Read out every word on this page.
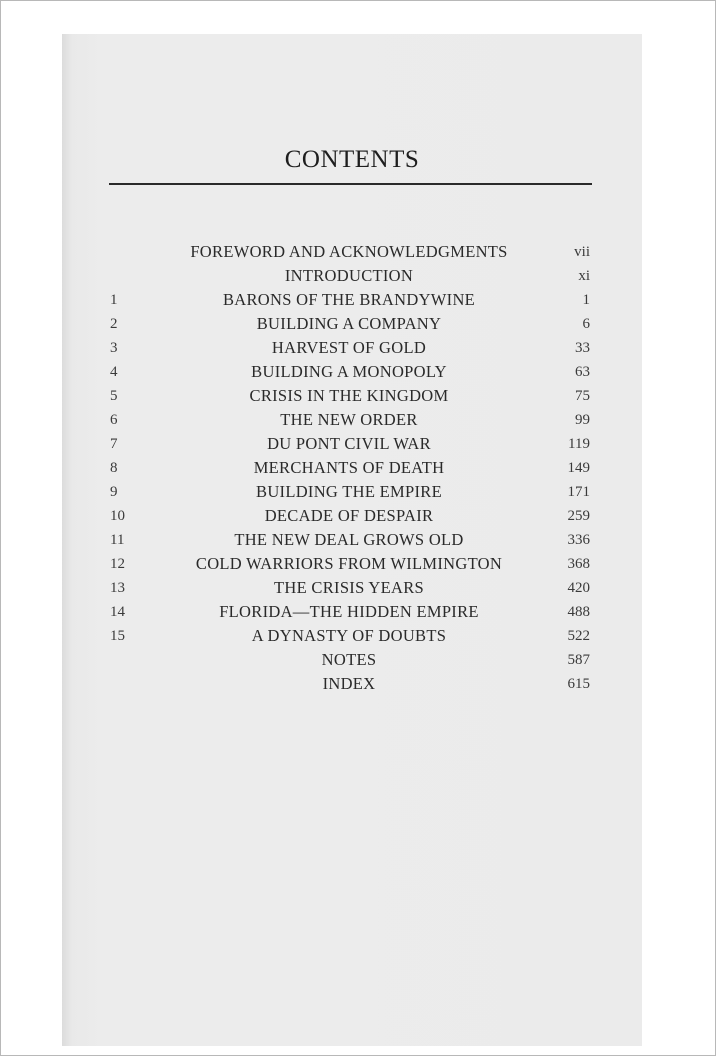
CONTENTS
FOREWORD AND ACKNOWLEDGMENTS	vii
INTRODUCTION	xi
1	BARONS OF THE BRANDYWINE	1
2	BUILDING A COMPANY	6
3	HARVEST OF GOLD	33
4	BUILDING A MONOPOLY	63
5	CRISIS IN THE KINGDOM	75
6	THE NEW ORDER	99
7	DU PONT CIVIL WAR	119
8	MERCHANTS OF DEATH	149
9	BUILDING THE EMPIRE	171
10	DECADE OF DESPAIR	259
11	THE NEW DEAL GROWS OLD	336
12	COLD WARRIORS FROM WILMINGTON	368
13	THE CRISIS YEARS	420
14	FLORIDA—THE HIDDEN EMPIRE	488
15	A DYNASTY OF DOUBTS	522
NOTES	587
INDEX	615
